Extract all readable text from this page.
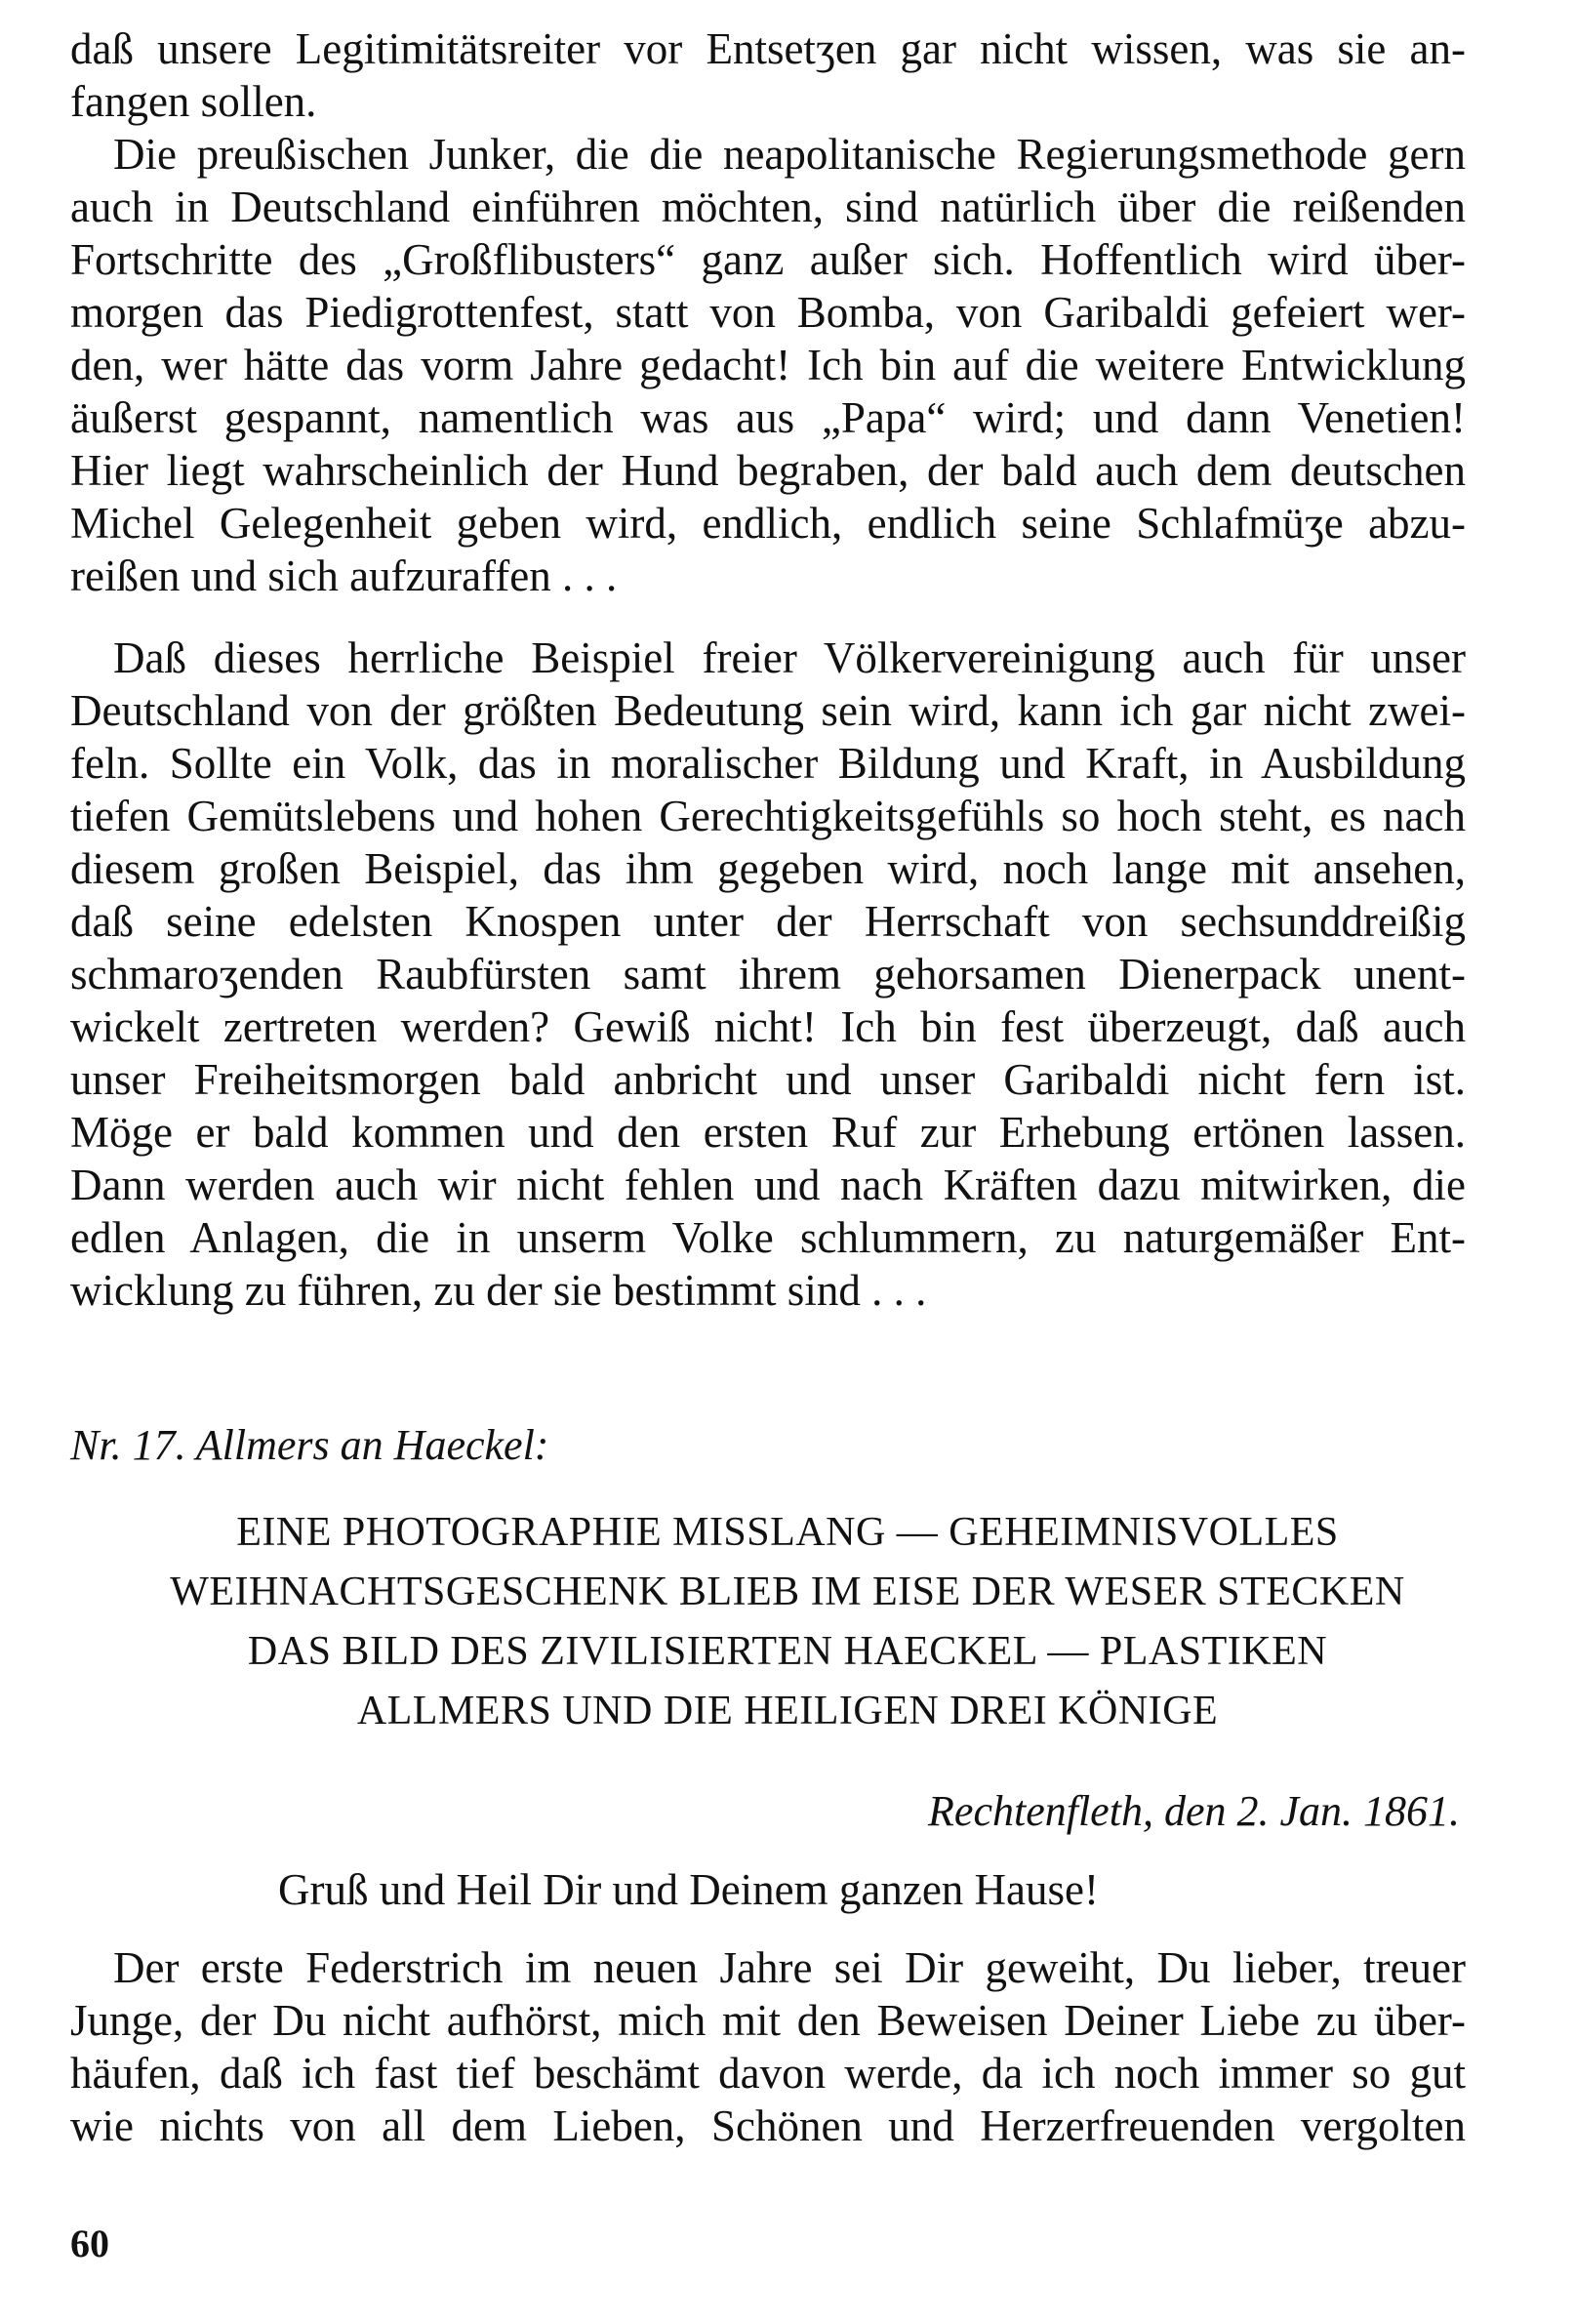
daß unsere Legitimitätsreiter vor Entsetʒen gar nicht wissen, was sie an-
fangen sollen.
Die preußischen Junker, die die neapolitanische Regierungsmethode gern
auch in Deutschland einführen möchten, sind natürlich über die reißenden
Fortschritte des „Großflibusters“ ganz außer sich. Hoffentlich wird über-
morgen das Piedigrottenfest, statt von Bomba, von Garibaldi gefeiert wer-
den, wer hätte das vorm Jahre gedacht! Ich bin auf die weitere Entwicklung
äußerst gespannt, namentlich was aus „Papa“ wird; und dann Venetien!
Hier liegt wahrscheinlich der Hund begraben, der bald auch dem deutschen
Michel Gelegenheit geben wird, endlich, endlich seine Schlafmüʒe abzu-
reißen und sich aufzuraffen . . .
Daß dieses herrliche Beispiel freier Völkervereinigung auch für unser
Deutschland von der größten Bedeutung sein wird, kann ich gar nicht zwei-
feln. Sollte ein Volk, das in moralischer Bildung und Kraft, in Ausbildung
tiefen Gemütslebens und hohen Gerechtigkeitsgefühls so hoch steht, es nach
diesem großen Beispiel, das ihm gegeben wird, noch lange mit ansehen,
daß seine edelsten Knospen unter der Herrschaft von sechsunddreißig
schmaroʒenden Raubfürsten samt ihrem gehorsamen Dienerpack unent-
wickelt zertreten werden? Gewiß nicht! Ich bin fest überzeugt, daß auch
unser Freiheitsmorgen bald anbricht und unser Garibaldi nicht fern ist.
Möge er bald kommen und den ersten Ruf zur Erhebung ertönen lassen.
Dann werden auch wir nicht fehlen und nach Kräften dazu mitwirken, die
edlen Anlagen, die in unserm Volke schlummern, zu naturgemäßer Ent-
wicklung zu führen, zu der sie bestimmt sind . . .
Nr. 17. Allmers an Haeckel:
EINE PHOTOGRAPHIE MISSLANG — GEHEIMNISVOLLES
WEIHNACHTSGESCHENK BLIEB IM EISE DER WESER STECKEN
DAS BILD DES ZIVILISIERTEN HAECKEL — PLASTIKEN
ALLMERS UND DIE HEILIGEN DREI KÖNIGE
Rechtenfleth, den 2. Jan. 1861.
Gruß und Heil Dir und Deinem ganzen Hause!
Der erste Federstrich im neuen Jahre sei Dir geweiht, Du lieber, treuer
Junge, der Du nicht aufhörst, mich mit den Beweisen Deiner Liebe zu über-
häufen, daß ich fast tief beschämt davon werde, da ich noch immer so gut
wie nichts von all dem Lieben, Schönen und Herzerfreuenden vergolten
60
